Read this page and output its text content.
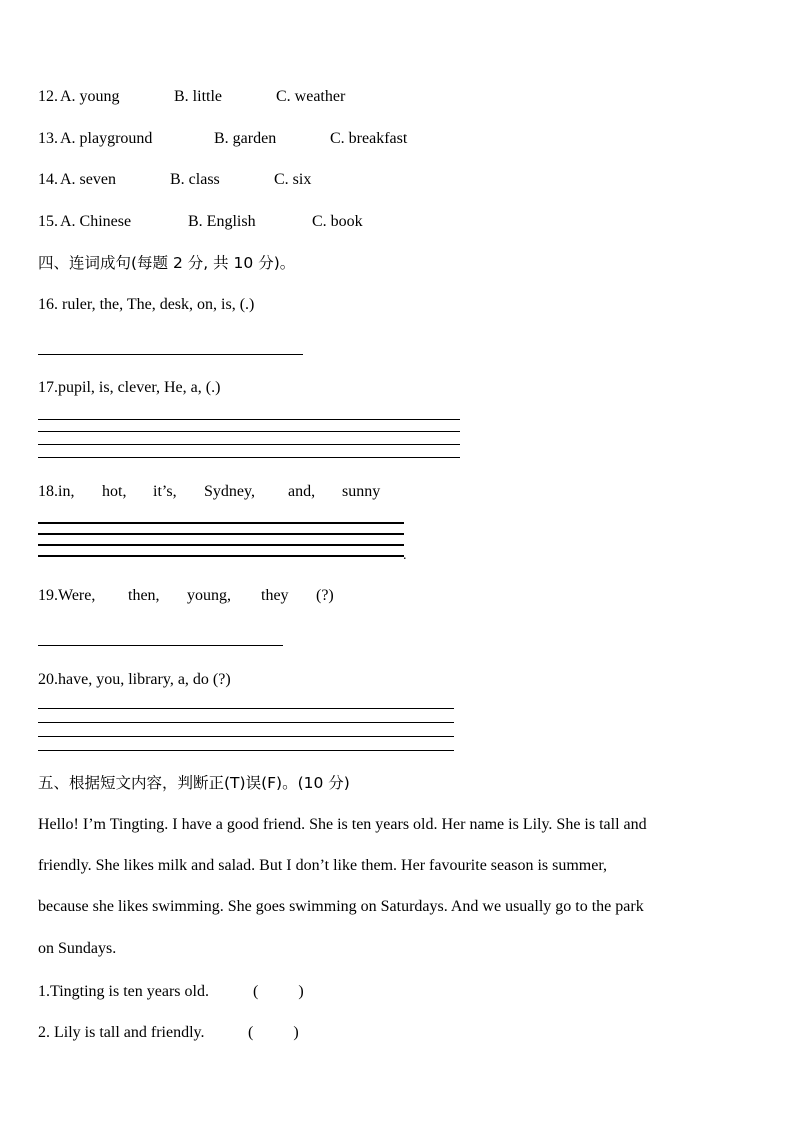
12. A. young	B. little	C. weather
13. A. playground	B. garden	C. breakfast
14. A. seven	B. class	C. six
15. A. Chinese	B. English	C. book
四、连词成句(每题 2 分, 共 10 分)。
16. ruler, the, The, desk, on, is, (.)
17.pupil, is, clever, He, a, (.)
18.in, hot, it’s, Sydney, and, sunny
.
19.Were, then, young, they (?)
20.have, you, library, a, do (?)
五、根据短文内容，判断正(T)误(F)。(10 分)
Hello! I’m Tingting. I have a good friend. She is ten years old. Her name is Lily. She is tall and
friendly. She likes milk and salad. But I don’t like them. Her favourite season is summer,
because she likes swimming. She goes swimming on Saturdays. And we usually go to the park
on Sundays.
1.Tingting is ten years old.	(          )
2. Lily is tall and friendly.	(          )
